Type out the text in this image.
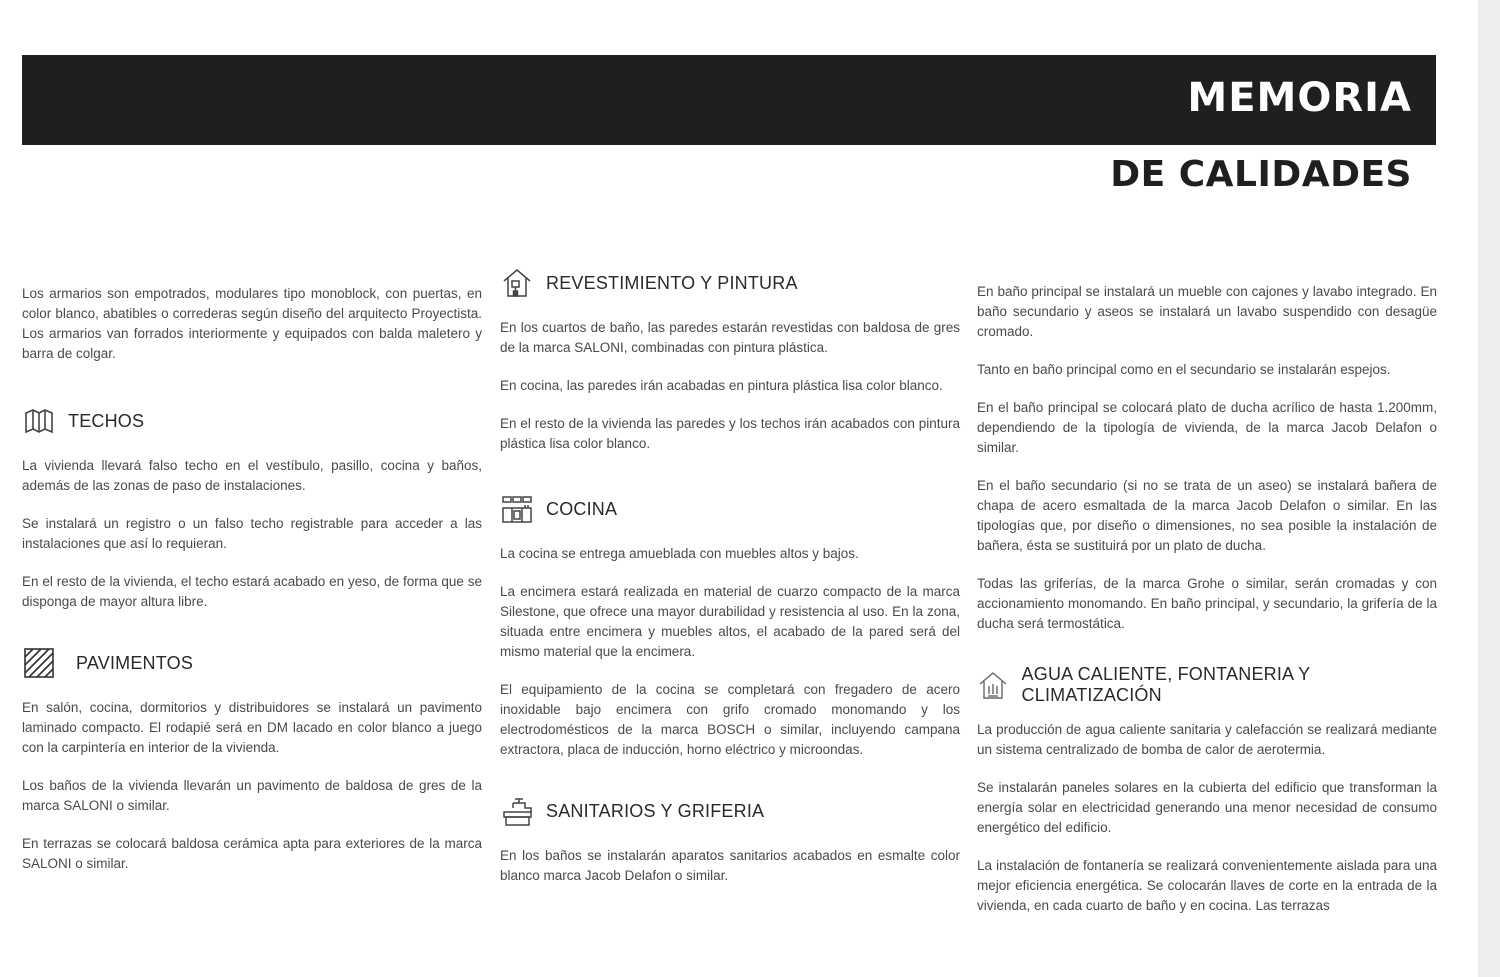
MEMORIA
DE CALIDADES

Los armarios son empotrados, modulares tipo monoblock, con puertas, en color blanco, abatibles o correderas según diseño del arquitecto Proyectista. Los armarios van forrados interiormente y equipados con balda maletero y barra de colgar.

TECHOS

La vivienda llevará falso techo en el vestíbulo, pasillo, cocina y baños, además de las zonas de paso de instalaciones.

Se instalará un registro o un falso techo registrable para acceder a las instalaciones que así lo requieran.

En el resto de la vivienda, el techo estará acabado en yeso, de forma que se disponga de mayor altura libre.

PAVIMENTOS

En salón, cocina, dormitorios y distribuidores se instalará un pavimento laminado compacto. El rodapié será en DM lacado en color blanco a juego con la carpintería en interior de la vivienda.

Los baños de la vivienda llevarán un pavimento de baldosa de gres de la marca SALONI o similar.

En terrazas se colocará baldosa cerámica apta para exteriores de la marca SALONI o similar.

REVESTIMIENTO Y PINTURA

En los cuartos de baño, las paredes estarán revestidas con baldosa de gres de la marca SALONI, combinadas con pintura plástica.

En cocina, las paredes irán acabadas en pintura plástica lisa color blanco.

En el resto de la vivienda las paredes y los techos irán acabados con pintura plástica lisa color blanco.

COCINA

La cocina se entrega amueblada con muebles altos y bajos.

La encimera estará realizada en material de cuarzo compacto de la marca Silestone, que ofrece una mayor durabilidad y resistencia al uso. En la zona, situada entre encimera y muebles altos, el acabado de la pared será del mismo material que la encimera.

El equipamiento de la cocina se completará con fregadero de acero inoxidable bajo encimera con grifo cromado monomando y los electrodomésticos de la marca BOSCH o similar, incluyendo campana extractora, placa de inducción, horno eléctrico y microondas.

SANITARIOS Y GRIFERIA

En los baños se instalarán aparatos sanitarios acabados en esmalte color blanco marca Jacob Delafon o similar.

En baño principal se instalará un mueble con cajones y lavabo integrado. En baño secundario y aseos se instalará un lavabo suspendido con desagüe cromado.

Tanto en baño principal como en el secundario se instalarán espejos.

En el baño principal se colocará plato de ducha acrílico de hasta 1.200mm, dependiendo de la tipología de vivienda, de la marca Jacob Delafon o similar.

En el baño secundario (si no se trata de un aseo) se instalará bañera de chapa de acero esmaltada de la marca Jacob Delafon o similar. En las tipologías que, por diseño o dimensiones, no sea posible la instalación de bañera, ésta se sustituirá por un plato de ducha.

Todas las griferías, de la marca Grohe o similar, serán cromadas y con accionamiento monomando. En baño principal, y secundario, la grifería de la ducha será termostática.

AGUA CALIENTE, FONTANERIA Y CLIMATIZACIÓN

La producción de agua caliente sanitaria y calefacción se realizará mediante un sistema centralizado de bomba de calor de aerotermia.

Se instalarán paneles solares en la cubierta del edificio que transforman la energía solar en electricidad generando una menor necesidad de consumo energético del edificio.

La instalación de fontanería se realizará convenientemente aislada para una mejor eficiencia energética. Se colocarán llaves de corte en la entrada de la vivienda, en cada cuarto de baño y en cocina. Las terrazas
